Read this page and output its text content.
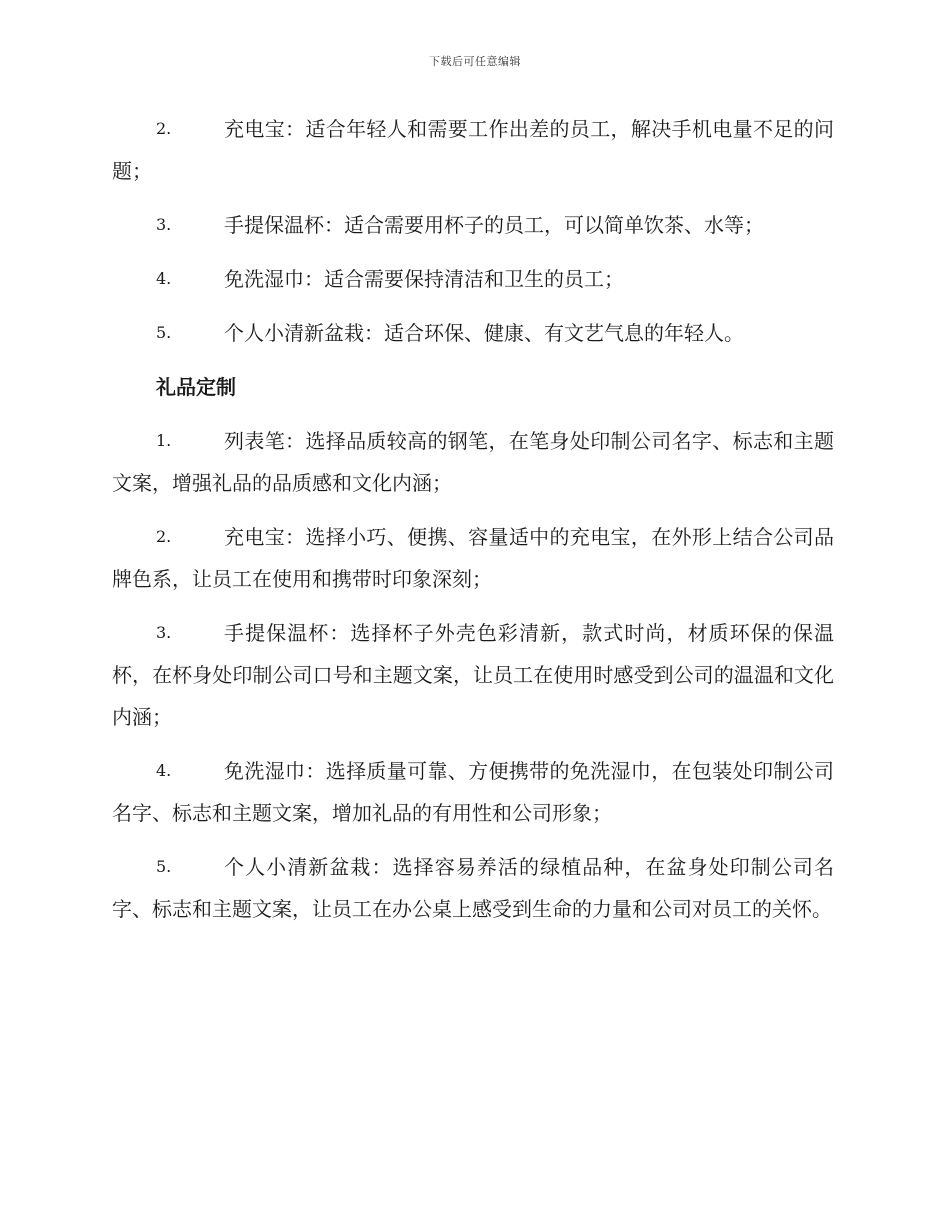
下载后可任意编辑
2.	充电宝：适合年轻人和需要工作出差的员工，解决手机电量不足的问题；
3.	手提保温杯：适合需要用杯子的员工，可以简单饮茶、水等；
4.	免洗湿巾：适合需要保持清洁和卫生的员工；
5.	个人小清新盆栽：适合环保、健康、有文艺气息的年轻人。
礼品定制
1.	列表笔：选择品质较高的钢笔，在笔身处印制公司名字、标志和主题文案，增强礼品的品质感和文化内涵；
2.	充电宝：选择小巧、便携、容量适中的充电宝，在外形上结合公司品牌色系，让员工在使用和携带时印象深刻；
3.	手提保温杯：选择杯子外壳色彩清新，款式时尚，材质环保的保温杯，在杯身处印制公司口号和主题文案，让员工在使用时感受到公司的温温和文化内涵；
4.	免洗湿巾：选择质量可靠、方便携带的免洗湿巾，在包装处印制公司名字、标志和主题文案，增加礼品的有用性和公司形象；
5.	个人小清新盆栽：选择容易养活的绿植品种，在盆身处印制公司名字、标志和主题文案，让员工在办公桌上感受到生命的力量和公司对员工的关怀。
